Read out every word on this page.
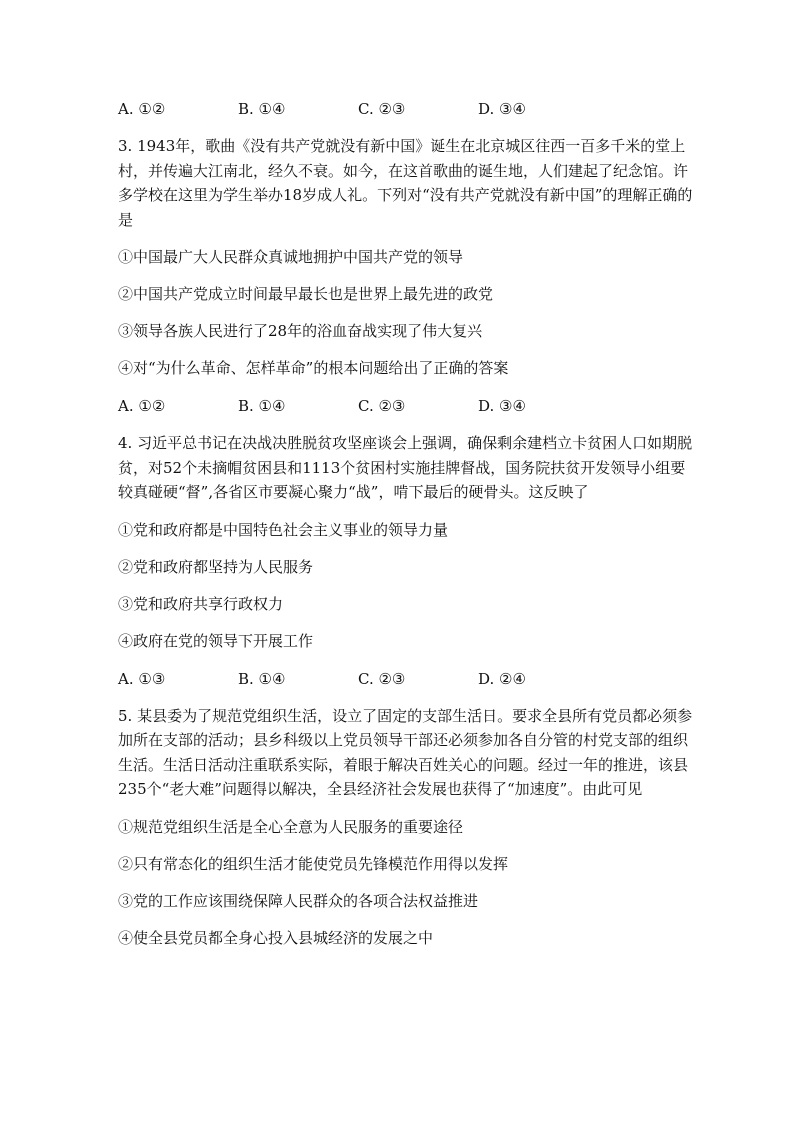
A. ①②	B. ①④	C. ②③	D. ③④

3. 1943年，歌曲《没有共产党就没有新中国》诞生在北京城区往西一百多千米的堂上村，并传遍大江南北，经久不衰。如今，在这首歌曲的诞生地，人们建起了纪念馆。许多学校在这里为学生举办18岁成人礼。下列对“没有共产党就没有新中国”的理解正确的是

①中国最广大人民群众真诚地拥护中国共产党的领导
②中国共产党成立时间最早最长也是世界上最先进的政党
③领导各族人民进行了28年的浴血奋战实现了伟大复兴
④对“为什么革命、怎样革命”的根本问题给出了正确的答案
A. ①②	B. ①④	C. ②③	D. ③④

4. 习近平总书记在决战决胜脱贫攻坚座谈会上强调，确保剩余建档立卡贫困人口如期脱贫，对52个未摘帽贫困县和1113个贫困村实施挂牌督战，国务院扶贫开发领导小组要较真碰硬“督”,各省区市要凝心聚力“战”，啃下最后的硬骨头。这反映了

①党和政府都是中国特色社会主义事业的领导力量
②党和政府都坚持为人民服务
③党和政府共享行政权力
④政府在党的领导下开展工作
A. ①③	B. ①④	C. ②③	D. ②④

5. 某县委为了规范党组织生活，设立了固定的支部生活日。要求全县所有党员都必须参加所在支部的活动；县乡科级以上党员领导干部还必须参加各自分管的村党支部的组织生活。生活日活动注重联系实际，着眼于解决百姓关心的问题。经过一年的推进，该县235个“老大难”问题得以解决，全县经济社会发展也获得了“加速度”。由此可见

①规范党组织生活是全心全意为人民服务的重要途径
②只有常态化的组织生活才能使党员先锋模范作用得以发挥
③党的工作应该围绕保障人民群众的各项合法权益推进
④使全县党员都全身心投入县城经济的发展之中
